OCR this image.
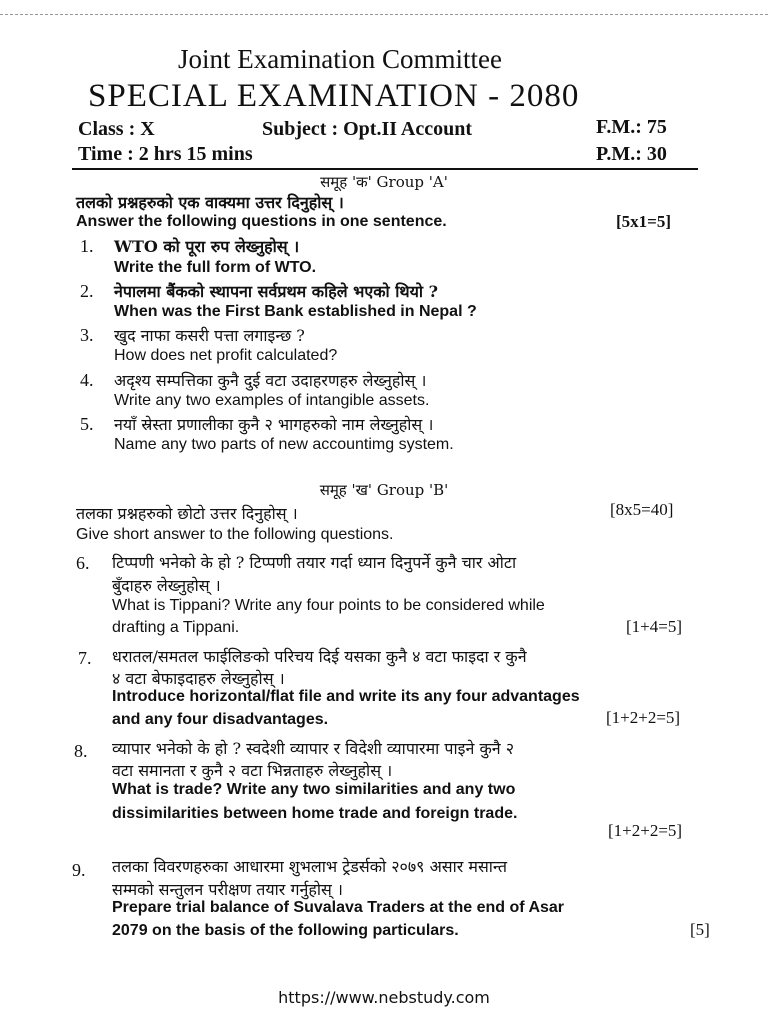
Joint Examination Committee
SPECIAL EXAMINATION - 2080
Class : X	Subject : Opt.II Account	F.M.: 75
Time : 2 hrs 15 mins	P.M.: 30
समूह 'क' Group 'A'
तलको प्रश्नहरुको एक वाक्यमा उत्तर दिनुहोस् ।
Answer the following questions in one sentence.	[5x1=5]
1. WTO को पूरा रुप लेख्नुहोस् ।
Write the full form of WTO.
2. नेपालमा बैंकको स्थापना सर्वप्रथम कहिले भएको थियो ?
When was the First Bank established in Nepal ?
3. खुद नाफा कसरी पत्ता लगाइन्छ ?
How does net profit calculated?
4. अदृश्य सम्पत्तिका कुनै दुई वटा उदाहरणहरु लेख्नुहोस् ।
Write any two examples of intangible assets.
5. नयाँ स्रेस्ता प्रणालीका कुनै २ भागहरुको नाम लेख्नुहोस् ।
Name any two parts of new accountimg system.
समूह 'ख' Group 'B'
तलका प्रश्नहरुको छोटो उत्तर दिनुहोस् ।	[8x5=40]
Give short answer to the following questions.
6. टिप्पणी भनेको के हो ? टिप्पणी तयार गर्दा ध्यान दिनुपर्ने कुनै चार ओटा
बुँदाहरु लेख्नुहोस् ।
What is Tippani? Write any four points to be considered while
drafting a Tippani.	[1+4=5]
7. धरातल/समतल फाईलिङको परिचय दिई यसका कुनै ४ वटा फाइदा र कुनै
४ वटा बेफाइदाहरु लेख्नुहोस् ।
Introduce horizontal/flat file and write its any four advantages
and any four disadvantages.	[1+2+2=5]
8. व्यापार भनेको के हो ? स्वदेशी व्यापार र विदेशी व्यापारमा पाइने कुनै २
वटा समानता र कुनै २ वटा भिन्नताहरु लेख्नुहोस् ।
What is trade? Write any two similarities and any two
dissimilarities between home trade and foreign trade.
[1+2+2=5]
9. तलका विवरणहरुका आधारमा शुभलाभ ट्रेडर्सको २०७९ असार मसान्त
सम्मको सन्तुलन परीक्षण तयार गर्नुहोस् ।
Prepare trial balance of Suvalava Traders at the end of Asar
2079 on the basis of the following particulars.	[5]
https://www.nebstudy.com
